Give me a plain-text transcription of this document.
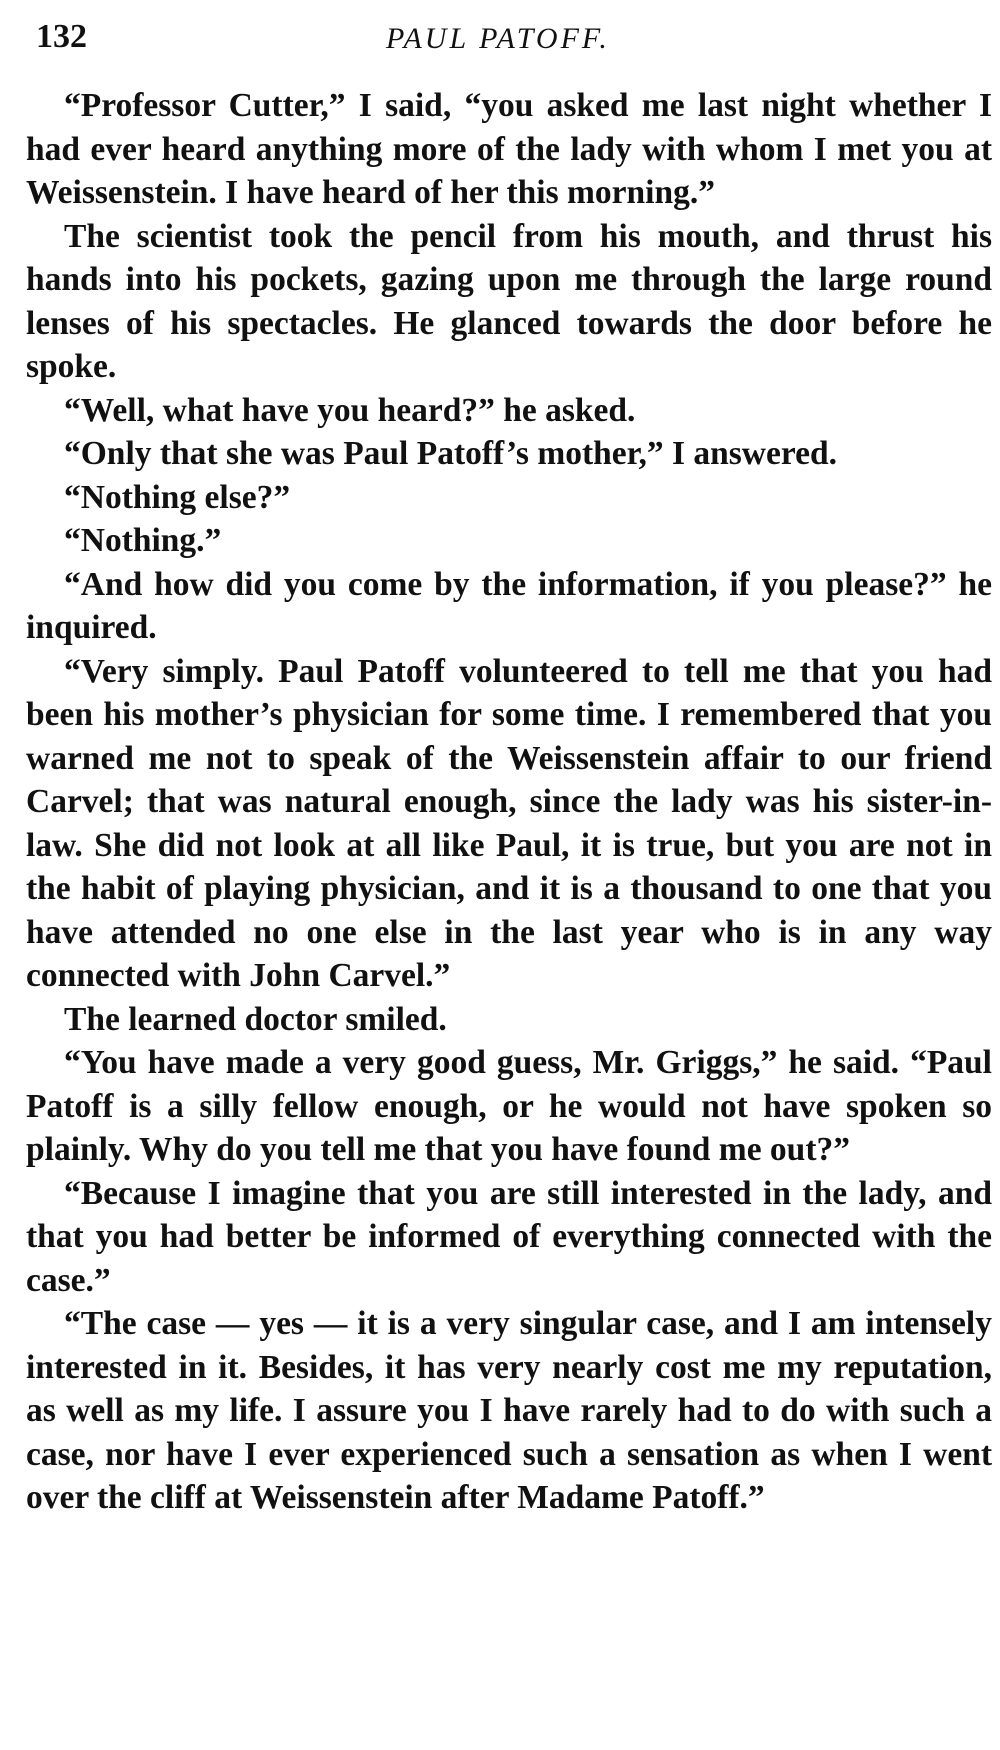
132	PAUL PATOFF.

“Professor Cutter,” I said, “you asked me last night whether I had ever heard anything more of the lady with whom I met you at Weissenstein. I have heard of her this morning.”

The scientist took the pencil from his mouth, and thrust his hands into his pockets, gazing upon me through the large round lenses of his spectacles. He glanced towards the door before he spoke.

“Well, what have you heard?” he asked.

“Only that she was Paul Patoff’s mother,” I answered.

“Nothing else?”

“Nothing.”

“And how did you come by the information, if you please?” he inquired.

“Very simply. Paul Patoff volunteered to tell me that you had been his mother’s physician for some time. I remembered that you warned me not to speak of the Weissenstein affair to our friend Carvel; that was natural enough, since the lady was his sister-in-law. She did not look at all like Paul, it is true, but you are not in the habit of playing physician, and it is a thousand to one that you have attended no one else in the last year who is in any way connected with John Carvel.”

The learned doctor smiled.

“You have made a very good guess, Mr. Griggs,” he said. “Paul Patoff is a silly fellow enough, or he would not have spoken so plainly. Why do you tell me that you have found me out?”

“Because I imagine that you are still interested in the lady, and that you had better be informed of everything connected with the case.”

“The case — yes — it is a very singular case, and I am intensely interested in it. Besides, it has very nearly cost me my reputation, as well as my life. I assure you I have rarely had to do with such a case, nor have I ever experienced such a sensation as when I went over the cliff at Weissenstein after Madame Patoff.”
